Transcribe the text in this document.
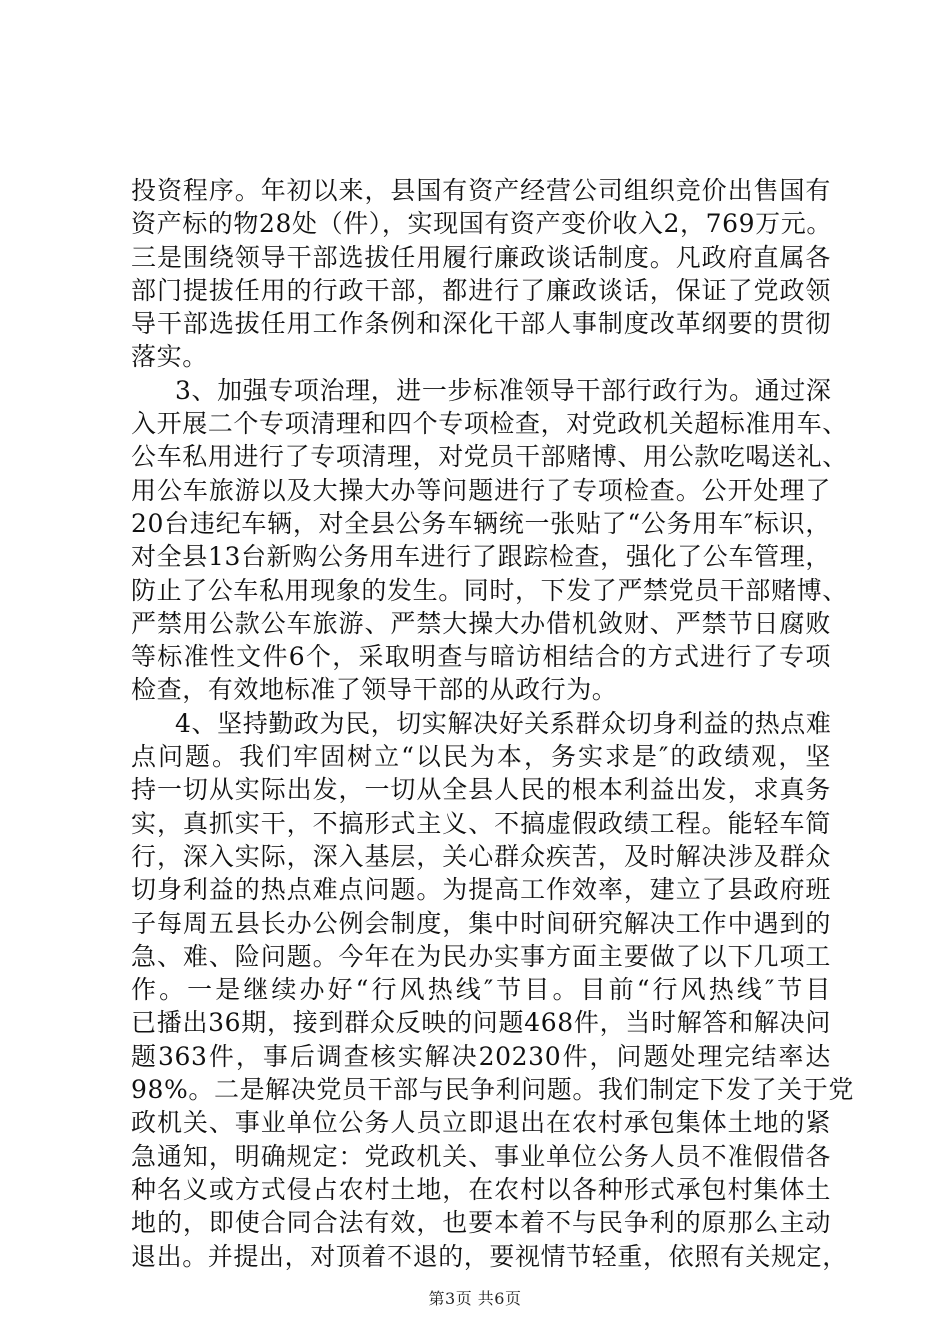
投资程序。年初以来，县国有资产经营公司组织竞价出售国有
资产标的物28处（件），实现国有资产变价收入2，769万元。
三是围绕领导干部选拔任用履行廉政谈话制度。凡政府直属各
部门提拔任用的行政干部，都进行了廉政谈话，保证了党政领
导干部选拔任用工作条例和深化干部人事制度改革纲要的贯彻
落实。
3、加强专项治理，进一步标准领导干部行政行为。通过深
入开展二个专项清理和四个专项检查，对党政机关超标准用车、
公车私用进行了专项清理，对党员干部赌博、用公款吃喝送礼、
用公车旅游以及大操大办等问题进行了专项检查。公开处理了
20台违纪车辆，对全县公务车辆统一张贴了“公务用车″标识，
对全县13台新购公务用车进行了跟踪检查，强化了公车管理，
防止了公车私用现象的发生。同时，下发了严禁党员干部赌博、
严禁用公款公车旅游、严禁大操大办借机敛财、严禁节日腐败
等标准性文件6个，采取明查与暗访相结合的方式进行了专项
检查，有效地标准了领导干部的从政行为。
4、坚持勤政为民，切实解决好关系群众切身利益的热点难
点问题。我们牢固树立“以民为本，务实求是″的政绩观，坚
持一切从实际出发，一切从全县人民的根本利益出发，求真务
实，真抓实干，不搞形式主义、不搞虚假政绩工程。能轻车简
行，深入实际，深入基层，关心群众疾苦，及时解决涉及群众
切身利益的热点难点问题。为提高工作效率，建立了县政府班
子每周五县长办公例会制度，集中时间研究解决工作中遇到的
急、难、险问题。今年在为民办实事方面主要做了以下几项工
作。一是继续办好“行风热线″节目。目前“行风热线″节目
已播出36期，接到群众反映的问题468件，当时解答和解决问
题363件，事后调查核实解决20230件，问题处理完结率达
98%。二是解决党员干部与民争利问题。我们制定下发了关于党
政机关、事业单位公务人员立即退出在农村承包集体土地的紧
急通知，明确规定：党政机关、事业单位公务人员不准假借各
种名义或方式侵占农村土地，在农村以各种形式承包村集体土
地的，即使合同合法有效，也要本着不与民争利的原那么主动
退出。并提出，对顶着不退的，要视情节轻重，依照有关规定，
第3页 共6页
